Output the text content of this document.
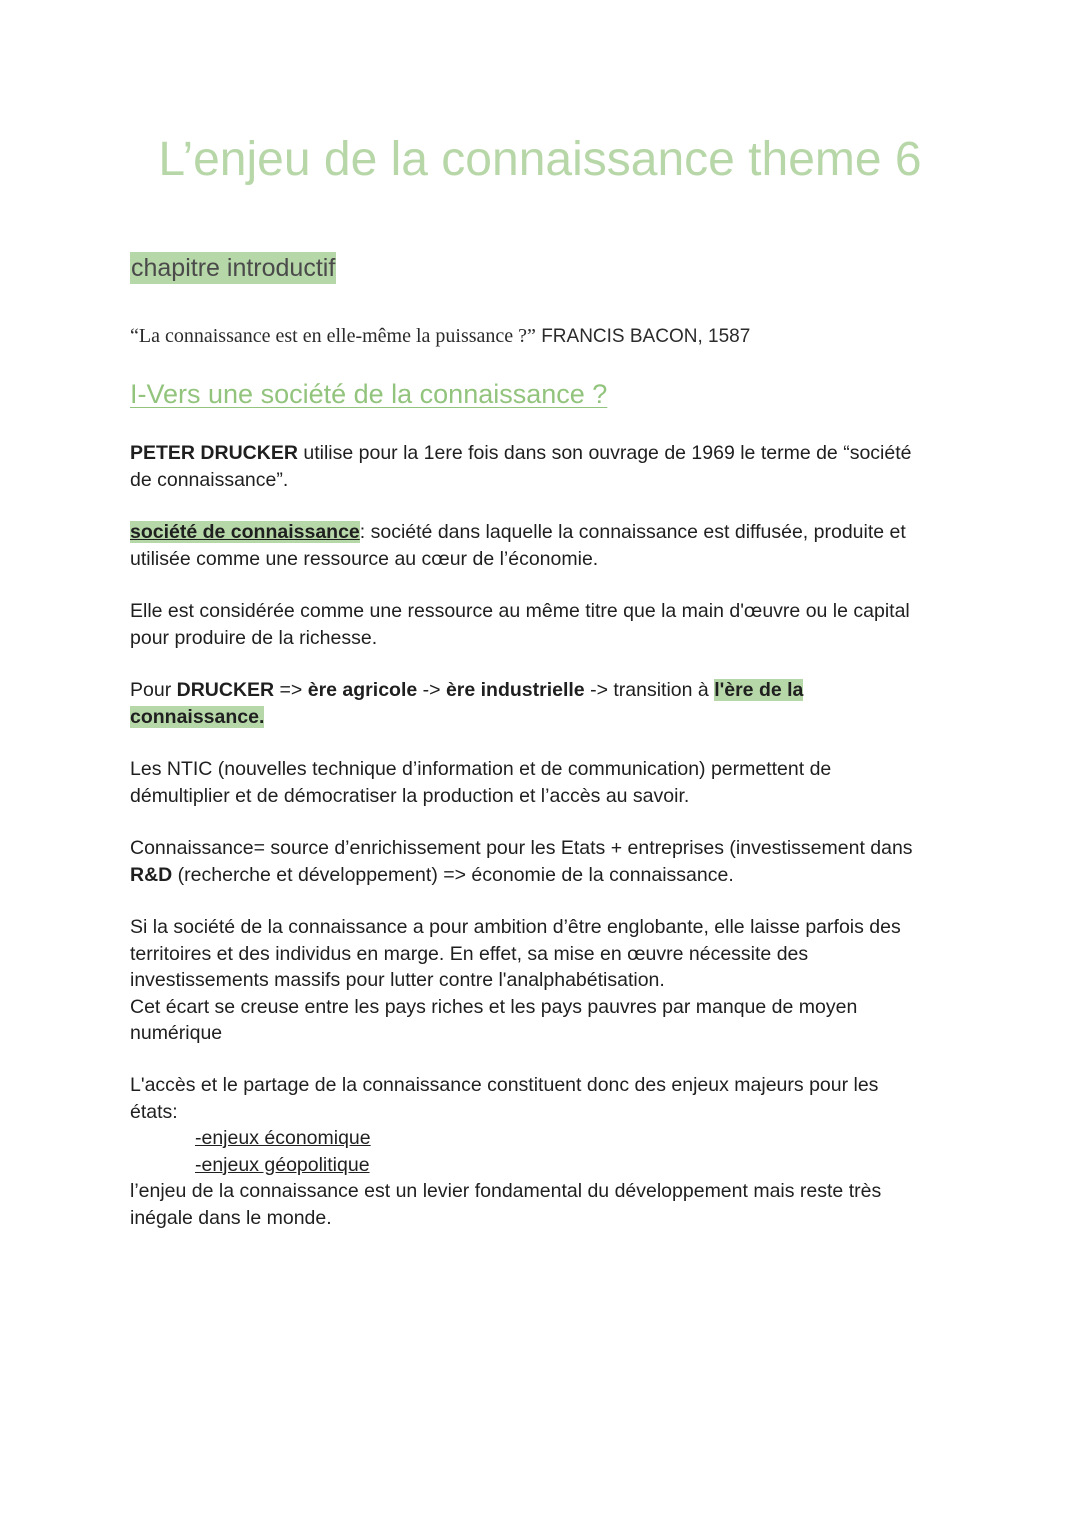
L’enjeu de la connaissance theme 6
chapitre introductif
“La connaissance est en elle-même la puissance ?” FRANCIS BACON, 1587
I-Vers une société de la connaissance ?
PETER DRUCKER utilise pour la 1ere fois dans son ouvrage de 1969 le terme de “société
de connaissance”.
société de connaissance: société dans laquelle la connaissance est diffusée, produite et
utilisée comme une ressource au cœur de l’économie.
Elle est considérée comme une ressource au même titre que la main d'œuvre ou le capital
pour produire de la richesse.
Pour DRUCKER => ère agricole -> ère industrielle -> transition à l'ère de la
connaissance.
Les NTIC (nouvelles technique d’information et de communication) permettent de
démultiplier et de démocratiser la production et l’accès au savoir.
Connaissance= source d’enrichissement pour les Etats + entreprises (investissement dans
R&D (recherche et développement) => économie de la connaissance.
Si la société de la connaissance a pour ambition d’être englobante, elle laisse parfois des
territoires et des individus en marge. En effet, sa mise en œuvre nécessite des
investissements massifs pour lutter contre l'analphabétisation.
Cet écart se creuse entre les pays riches et les pays pauvres par manque de moyen
numérique
L'accès et le partage de la connaissance constituent donc des enjeux majeurs pour les
états:
-enjeux économique
-enjeux géopolitique
l’enjeu de la connaissance est un levier fondamental du développement mais reste très
inégale dans le monde.
